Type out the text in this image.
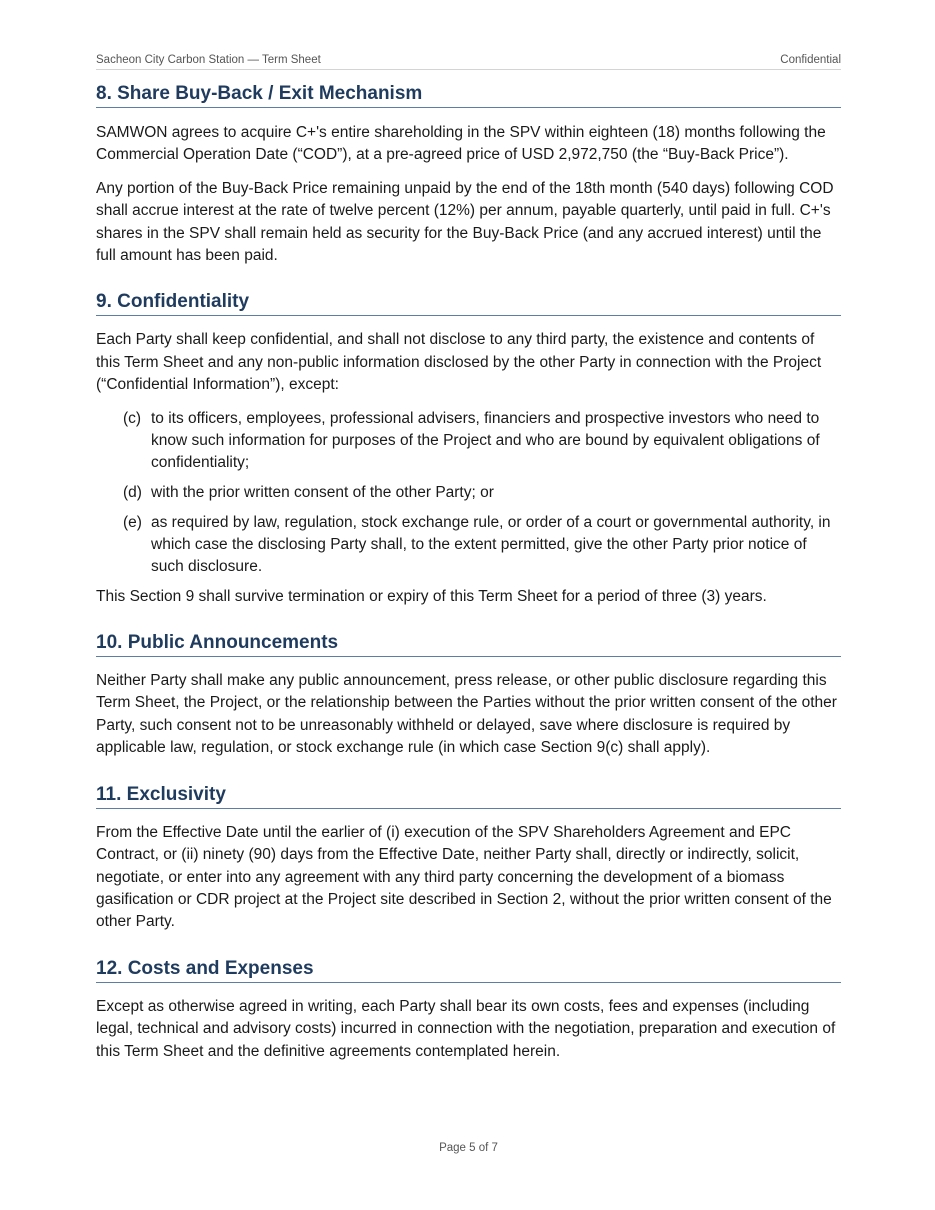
Sacheon City Carbon Station — Term Sheet	Confidential
8. Share Buy-Back / Exit Mechanism

SAMWON agrees to acquire C+'s entire shareholding in the SPV within eighteen (18) months following the Commercial Operation Date (“COD”), at a pre-agreed price of USD 2,972,750 (the “Buy-Back Price”).

Any portion of the Buy-Back Price remaining unpaid by the end of the 18th month (540 days) following COD shall accrue interest at the rate of twelve percent (12%) per annum, payable quarterly, until paid in full. C+'s shares in the SPV shall remain held as security for the Buy-Back Price (and any accrued interest) until the full amount has been paid.

9. Confidentiality

Each Party shall keep confidential, and shall not disclose to any third party, the existence and contents of this Term Sheet and any non-public information disclosed by the other Party in connection with the Project (“Confidential Information”), except:

(c) to its officers, employees, professional advisers, financiers and prospective investors who need to know such information for purposes of the Project and who are bound by equivalent obligations of confidentiality;
(d) with the prior written consent of the other Party; or
(e) as required by law, regulation, stock exchange rule, or order of a court or governmental authority, in which case the disclosing Party shall, to the extent permitted, give the other Party prior notice of such disclosure.

This Section 9 shall survive termination or expiry of this Term Sheet for a period of three (3) years.

10. Public Announcements

Neither Party shall make any public announcement, press release, or other public disclosure regarding this Term Sheet, the Project, or the relationship between the Parties without the prior written consent of the other Party, such consent not to be unreasonably withheld or delayed, save where disclosure is required by applicable law, regulation, or stock exchange rule (in which case Section 9(c) shall apply).

11. Exclusivity

From the Effective Date until the earlier of (i) execution of the SPV Shareholders Agreement and EPC Contract, or (ii) ninety (90) days from the Effective Date, neither Party shall, directly or indirectly, solicit, negotiate, or enter into any agreement with any third party concerning the development of a biomass gasification or CDR project at the Project site described in Section 2, without the prior written consent of the other Party.

12. Costs and Expenses

Except as otherwise agreed in writing, each Party shall bear its own costs, fees and expenses (including legal, technical and advisory costs) incurred in connection with the negotiation, preparation and execution of this Term Sheet and the definitive agreements contemplated herein.

Page 5 of 7
